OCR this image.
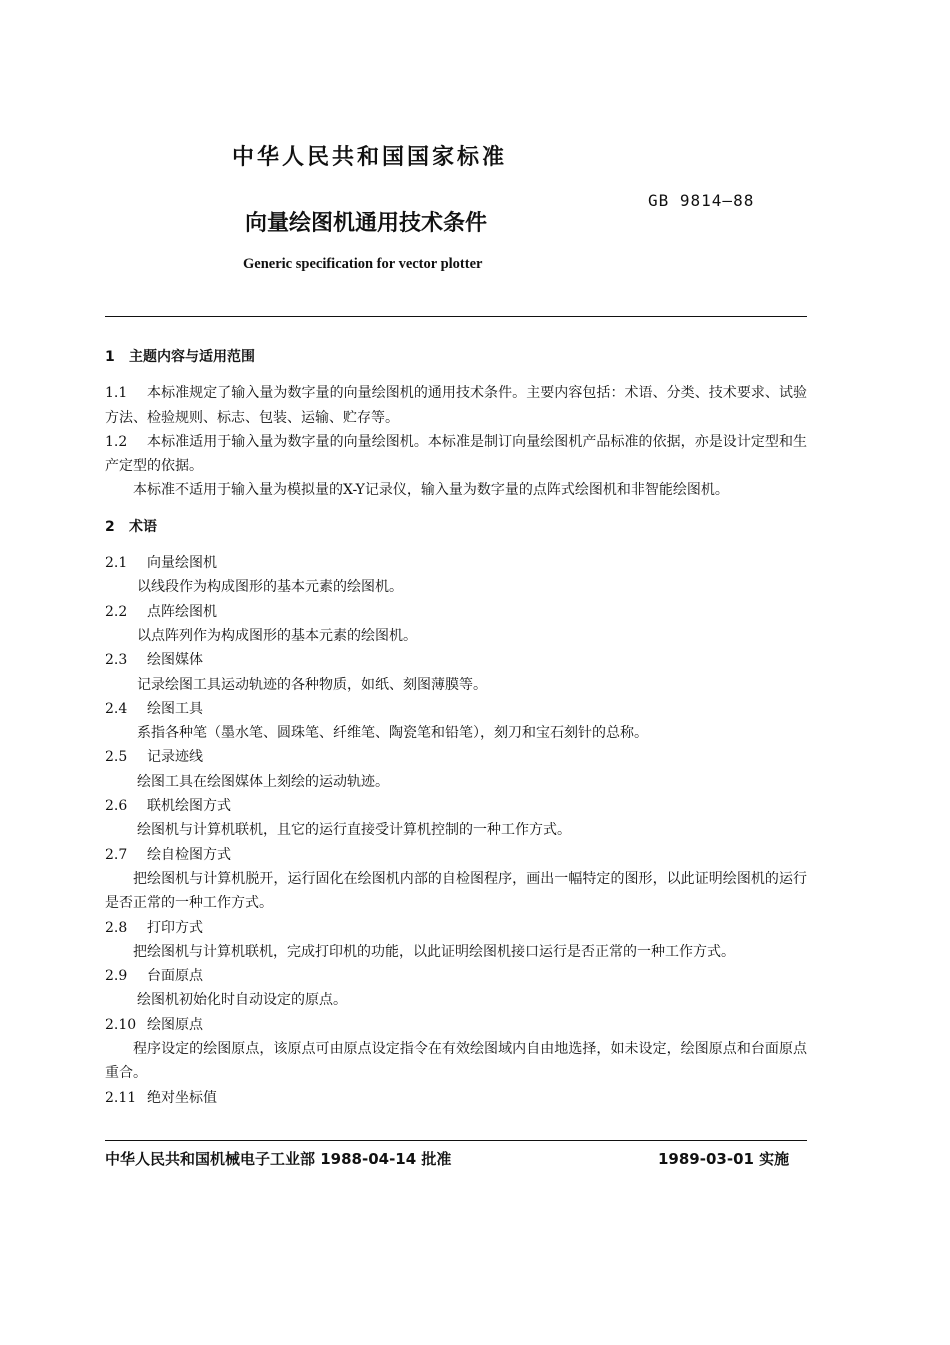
中华人民共和国国家标准
GB 9814—88
向量绘图机通用技术条件
Generic specification for vector plotter

1 主题内容与适用范围

1.1 本标准规定了输入量为数字量的向量绘图机的通用技术条件。主要内容包括：术语、分类、技术要求、试验方法、检验规则、标志、包装、运输、贮存等。

1.2 本标准适用于输入量为数字量的向量绘图机。本标准是制订向量绘图机产品标准的依据，亦是设计定型和生产定型的依据。

本标准不适用于输入量为模拟量的X-Y记录仪，输入量为数字量的点阵式绘图机和非智能绘图机。

2 术语

2.1 向量绘图机

以线段作为构成图形的基本元素的绘图机。

2.2 点阵绘图机

以点阵列作为构成图形的基本元素的绘图机。

2.3 绘图媒体

记录绘图工具运动轨迹的各种物质，如纸、刻图薄膜等。

2.4 绘图工具

系指各种笔（墨水笔、圆珠笔、纤维笔、陶瓷笔和铅笔），刻刀和宝石刻针的总称。

2.5 记录迹线

绘图工具在绘图媒体上刻绘的运动轨迹。

2.6 联机绘图方式

绘图机与计算机联机，且它的运行直接受计算机控制的一种工作方式。

2.7 绘自检图方式

把绘图机与计算机脱开，运行固化在绘图机内部的自检图程序，画出一幅特定的图形，以此证明绘图机的运行是否正常的一种工作方式。

2.8 打印方式

把绘图机与计算机联机，完成打印机的功能，以此证明绘图机接口运行是否正常的一种工作方式。

2.9 台面原点

绘图机初始化时自动设定的原点。

2.10 绘图原点

程序设定的绘图原点，该原点可由原点设定指令在有效绘图域内自由地选择，如未设定，绘图原点和台面原点重合。

2.11 绝对坐标值

中华人民共和国机械电子工业部 1988-04-14 批准	1989-03-01 实施
